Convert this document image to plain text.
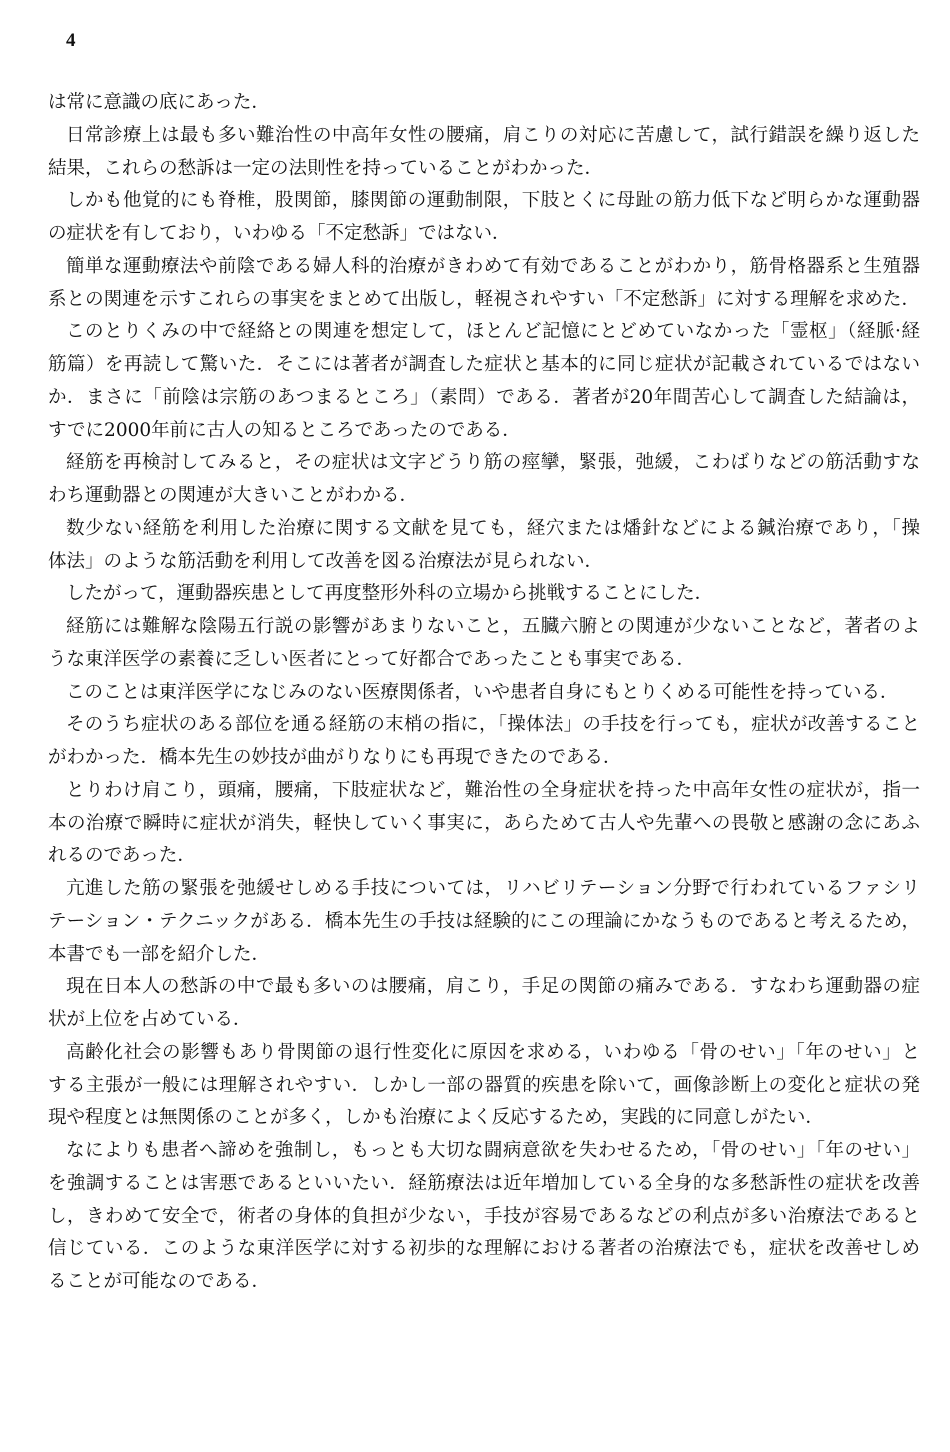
4
は常に意識の底にあった．
日常診療上は最も多い難治性の中高年女性の腰痛，肩こりの対応に苦慮して，試行錯誤を繰り返した
結果，これらの愁訴は一定の法則性を持っていることがわかった．
しかも他覚的にも脊椎，股関節，膝関節の運動制限，下肢とくに母趾の筋力低下など明らかな運動器
の症状を有しており，いわゆる「不定愁訴」ではない．
簡単な運動療法や前陰である婦人科的治療がきわめて有効であることがわかり，筋骨格器系と生殖器
系との関連を示すこれらの事実をまとめて出版し，軽視されやすい「不定愁訴」に対する理解を求めた．
このとりくみの中で経絡との関連を想定して，ほとんど記憶にとどめていなかった「霊枢」（経脈·経
筋篇）を再読して驚いた．そこには著者が調査した症状と基本的に同じ症状が記載されているではない
か．まさに「前陰は宗筋のあつまるところ」（素問）である．著者が20年間苦心して調査した結論は，
すでに2000年前に古人の知るところであったのである．
経筋を再検討してみると，その症状は文字どうり筋の痙攣，緊張，弛緩，こわばりなどの筋活動すな
わち運動器との関連が大きいことがわかる．
数少ない経筋を利用した治療に関する文献を見ても，経穴または燔針などによる鍼治療であり，「操
体法」のような筋活動を利用して改善を図る治療法が見られない．
したがって，運動器疾患として再度整形外科の立場から挑戦することにした．
経筋には難解な陰陽五行説の影響があまりないこと，五臓六腑との関連が少ないことなど，著者のよ
うな東洋医学の素養に乏しい医者にとって好都合であったことも事実である．
このことは東洋医学になじみのない医療関係者，いや患者自身にもとりくめる可能性を持っている．
そのうち症状のある部位を通る経筋の末梢の指に，「操体法」の手技を行っても，症状が改善すること
がわかった．橋本先生の妙技が曲がりなりにも再現できたのである．
とりわけ肩こり，頭痛，腰痛，下肢症状など，難治性の全身症状を持った中高年女性の症状が，指一
本の治療で瞬時に症状が消失，軽快していく事実に，あらためて古人や先輩への畏敬と感謝の念にあふ
れるのであった．
亢進した筋の緊張を弛緩せしめる手技については，リハビリテーション分野で行われているファシリ
テーション・テクニックがある．橋本先生の手技は経験的にこの理論にかなうものであると考えるため，
本書でも一部を紹介した．
現在日本人の愁訴の中で最も多いのは腰痛，肩こり，手足の関節の痛みである．すなわち運動器の症
状が上位を占めている．
高齢化社会の影響もあり骨関節の退行性変化に原因を求める，いわゆる「骨のせい」「年のせい」と
する主張が一般には理解されやすい．しかし一部の器質的疾患を除いて，画像診断上の変化と症状の発
現や程度とは無関係のことが多く，しかも治療によく反応するため，実践的に同意しがたい．
なによりも患者へ諦めを強制し，もっとも大切な闘病意欲を失わせるため，「骨のせい」「年のせい」
を強調することは害悪であるといいたい．経筋療法は近年増加している全身的な多愁訴性の症状を改善
し，きわめて安全で，術者の身体的負担が少ない，手技が容易であるなどの利点が多い治療法であると
信じている．このような東洋医学に対する初歩的な理解における著者の治療法でも，症状を改善せしめ
ることが可能なのである．
